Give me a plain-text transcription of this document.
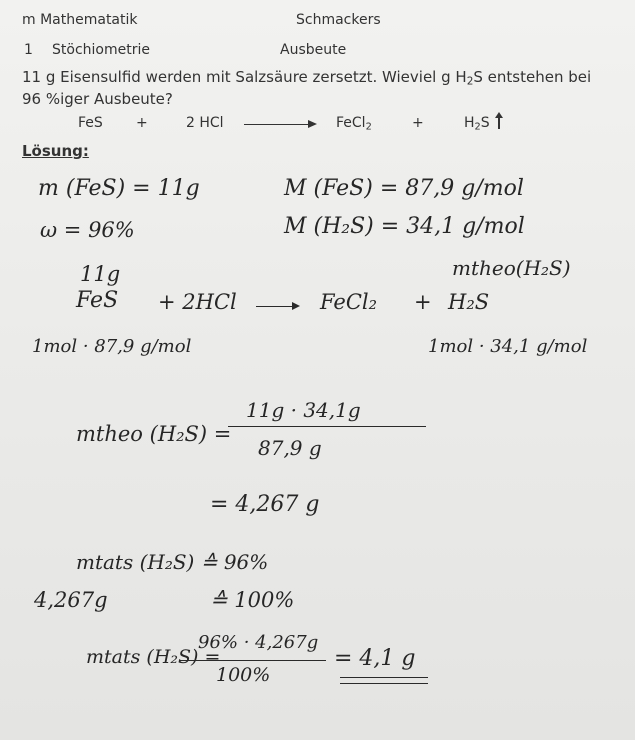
m Mathematatik	Schmackers
1 Stöchiometrie	Ausbeute
11 g Eisensulfid werden mit Salzsäure zersetzt. Wieviel g $H_2S$ entstehen bei
96 %iger Ausbeute?
FeS +	2 HCl	FeCl$_2$	+	$H_2S$
Lösung:
m (FeS) = 11g
ω = 96%
M (FeS) = 87,9 g/mol
M (H₂S) = 34,1 g/mol
11g	mtheo(H₂S)
FeS + 2HCl	FeCl₂ + H₂S
1mol · 87,9 g/mol	1mol · 34,1 g/mol
mtheo (H₂S) =
11g · 34,1g
87,9 g
= 4,267 g
mtats (H₂S) ≙ 96%
4,267g	≙ 100%
mtats (H₂S) =
96% · 4,267g
100%
= 4,1 g
